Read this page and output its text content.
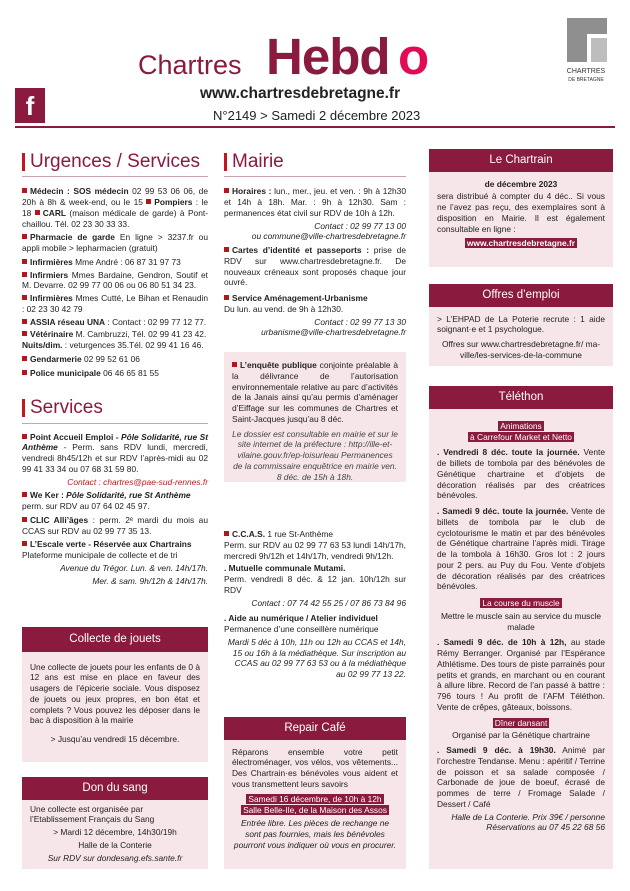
f
Chartres Hebd o
www.chartresdebretagne.fr
N°2149 > Samedi 2 décembre 2023
CHARTRES
DE BRETAGNE
Urgences / Services

Médecin : SOS médecin 02 99 53 06 06, de 20h à 8h & week-end, ou le 15 Pompiers : le 18 CARL (maison médicale de garde) à Pont-chaillou. Tél. 02 23 30 33 33.

Pharmacie de garde En ligne > 3237.fr ou appli mobile > lepharmacien (gratuit)

Infirmières Mme André : 06 87 31 97 73

Infirmiers Mmes Bardaine, Gendron, Soutif et M. Devarre. 02 99 77 00 06 ou 06 80 51 34 23.

Infirmières Mmes Cutté, Le Bihan et Renaudin : 02 23 30 42 79

ASSIA réseau UNA : Contact : 02 99 77 12 77.

Vétérinaire M. Cambruzzi, Tél. 02 99 41 23 42.

Nuits/dim. : veturgences 35.Tél. 02 99 41 16 46.

Gendarmerie 02 99 52 61 06

Police municipale 06 46 65 81 55

Services

Point Accueil Emploi - Pôle Solidarité, rue St Anthème - Perm. sans RDV lundi, mercredi, vendredi 8h45/12h et sur RDV l’après-midi au 02 99 41 33 34 ou 07 68 31 59 80.

Contact : chartres@pae-sud-rennes.fr

We Ker : Pôle Solidarité, rue St Anthème
perm. sur RDV au 07 64 02 45 97.

CLIC Alli’âges : perm. 2ᵉ mardi du mois au CCAS sur RDV au 02 99 77 35 13.

L’Escale verte - Réservée aux Chartrains
Plateforme municipale de collecte et de tri

Avenue du Trégor. Lun. & ven. 14h/17h.

Mer. & sam. 9h/12h & 14h/17h.

Collecte de jouets

Une collecte de jouets pour les enfants de 0 à 12 ans est mise en place en faveur des usagers de l’épicerie sociale. Vous disposez de jouets ou jeux propres, en bon état et complets ? Vous pouvez les déposer dans le bac à disposition à la mairie

> Jusqu’au vendredi 15 décembre.

Don du sang

Une collecte est organisée par l’Etablissement Français du Sang

> Mardi 12 décembre, 14h30/19h

Halle de la Conterie

Sur RDV sur dondesang.efs.sante.fr

Mairie

Horaires : lun., mer., jeu. et ven. : 9h à 12h30 et 14h à 18h. Mar. : 9h à 12h30. Sam : permanences état civil sur RDV de 10h à 12h.

Contact : 02 99 77 13 00
ou commune@ville-chartresdebretagne.fr

Cartes d’identité et passeports : prise de RDV sur www.chartresdebretagne.fr. De nouveaux créneaux sont proposés chaque jour ouvré.

Service Aménagement-Urbanisme
Du lun. au vend. de 9h à 12h30.

Contact : 02 99 77 13 30
urbanisme@ville-chartresdebretagne.fr

L’enquête publique conjointe préalable à la délivrance de l’autorisation environnementale relative au parc d’activités de la Janais ainsi qu’au permis d’aménager d’Eiffage sur les communes de Chartres et Saint-Jacques jusqu’au 8 déc.

Le dossier est consultable en mairie et sur le site internet de la préfecture : http://ille-et-vilaine.gouv.fr/ep-loisurleau Permanences de la commissaire enquêtrice en mairie ven. 8 déc. de 15h à 18h.

C.C.A.S. 1 rue St-Anthème
Perm. sur RDV au 02 99 77 63 53 lundi 14h/17h, mercredi 9h/12h et 14h/17h, vendredi 9h/12h.

. Mutuelle communale Mutami.
Perm. vendredi 8 déc. & 12 jan. 10h/12h sur RDV

Contact : 07 74 42 55 25 / 07 86 73 84 96

. Aide au numérique / Atelier individuel
Permanence d’une conseillère numérique

Mardi 5 déc à 10h, 11h ou 12h au CCAS et 14h, 15 ou 16h à la médiathèque. Sur inscription au CCAS au 02 99 77 63 53 ou à la médiathèque au 02 99 77 13 22.

Repair Café

Réparons ensemble votre petit électroménager, vos vélos, vos vêtements... Des Chartrain·es bénévoles vous aident et vous transmettent leurs savoirs

Samedi 16 décembre, de 10h à 12h
Salle Belle-Ile, de la Maison des Assos

Entrée libre. Les pièces de rechange ne sont pas fournies, mais les bénévoles pourront vous indiquer où vous en procurer.

Le Chartrain

de décembre 2023

sera distribué à compter du 4 déc.. Si vous ne l’avez pas reçu, des exemplaires sont à disposition en Mairie. Il est également consultable en ligne :

www.chartresdebretagne.fr

Offres d’emploi

> L’EHPAD de La Poterie recrute : 1 aide soignant·e et 1 psychologue.

Offres sur www.chartresdebretagne.fr/ ma-ville/les-services-de-la-commune

Téléthon

Animations
à Carrefour Market et Netto

. Vendredi 8 déc. toute la journée. Vente de billets de tombola par des bénévoles de Génétique chartraine et d’objets de décoration réalisés par des créatrices bénévoles.

. Samedi 9 déc. toute la journée. Vente de billets de tombola par le club de cyclotourisme le matin et par des bénévoles de Génétique chartraine l’après midi. Tirage de la tombola à 16h30. Gros lot : 2 jours pour 2 pers. au Puy du Fou. Vente d’objets de décoration réalisés par des créatrices bénévoles.

La course du muscle

Mettre le muscle sain au service du muscle malade

. Samedi 9 déc. de 10h à 12h, au stade Rémy Berranger. Organisé par l’Espérance Athlétisme. Des tours de piste parrainés pour petits et grands, en marchant ou en courant à allure libre. Record de l’an passé à battre : 796 tours ! Au profit de l’AFM Téléthon. Vente de crêpes, gâteaux, boissons.

Dîner dansant

Organisé par la Génétique chartraine

. Samedi 9 déc. à 19h30. Animé par l’orchestre Tendanse. Menu : apéritif / Terrine de poisson et sa salade composée / Carbonade de joue de boeuf, écrasé de pommes de terre / Fromage Salade / Dessert / Café

Halle de La Conterie. Prix 39€ / personne
Réservations au 07 45 22 68 56
